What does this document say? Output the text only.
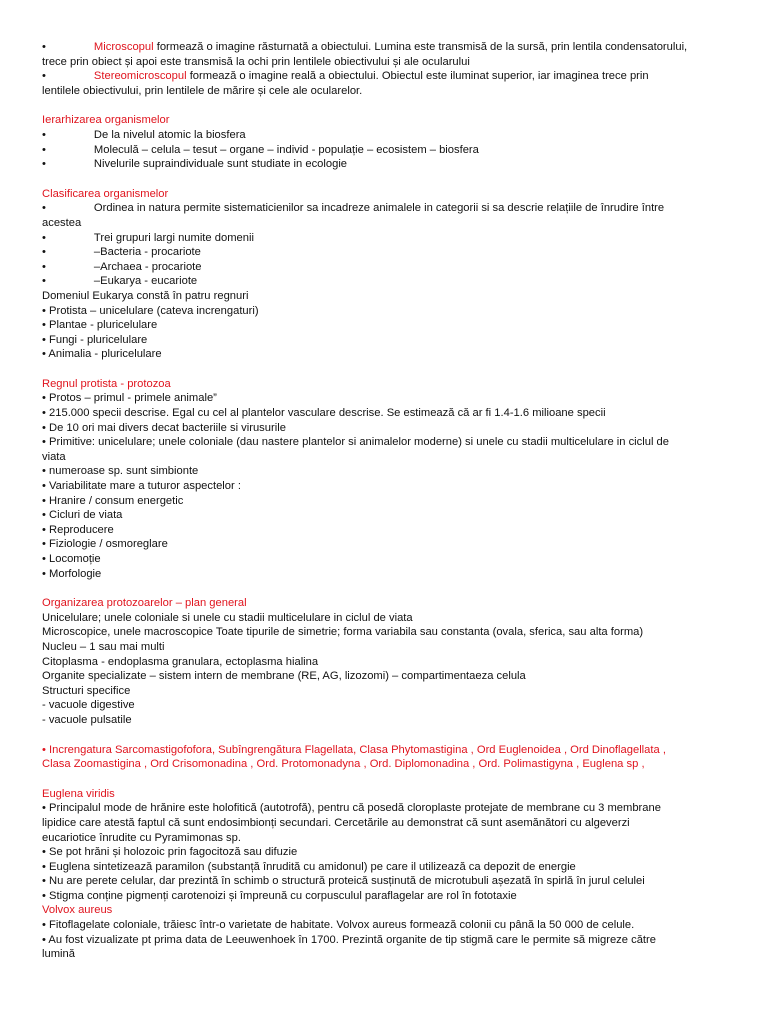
•	Microscopul formează o imagine răsturnată a obiectului. Lumina este transmisă de la sursă, prin lentila condensatorului,

trece prin obiect și apoi este transmisă la ochi prin lentilele obiectivului și ale ocularului

•	Stereomicroscopul formează o imagine reală a obiectului. Obiectul este iluminat superior, iar imaginea trece prin

lentilele obiectivului, prin lentilele de mărire și cele ale ocularelor.

Ierarhizarea organismelor

•	De la nivelul atomic la biosfera
•	Moleculă – celula – tesut – organe – individ - populație – ecosistem – biosfera
•	Nivelurile supraindividuale sunt studiate in ecologie

Clasificarea organismelor

•	Ordinea in natura permite sistematicienilor sa incadreze animalele in categorii si sa descrie relațiile de înrudire între

acestea

•	Trei grupuri largi numite domenii
•	–Bacteria - procariote
•	–Archaea - procariote
•	–Eukarya - eucariote

Domeniul Eukarya constă în patru regnuri

• Protista – unicelulare (cateva increngaturi)

• Plantae - pluricelulare

• Fungi - pluricelulare

• Animalia - pluricelulare

Regnul protista - protozoa

• Protos – primul - primele animale”

• 215.000 specii descrise. Egal cu cel al plantelor vasculare descrise. Se estimează că ar fi 1.4-1.6 milioane specii

• De 10 ori mai divers decat bacteriile si virusurile

• Primitive: unicelulare; unele coloniale (dau nastere plantelor si animalelor moderne) si unele cu stadii multicelulare in ciclul de

viata

• numeroase sp. sunt simbionte

• Variabilitate mare a tuturor aspectelor :

• Hranire / consum energetic

• Cicluri de viata

• Reproducere

• Fiziologie / osmoreglare

• Locomoție

• Morfologie

Organizarea protozoarelor – plan general

Unicelulare; unele coloniale si unele cu stadii multicelulare in ciclul de viata

Microscopice, unele macroscopice Toate tipurile de simetrie; forma variabila sau constanta (ovala, sferica, sau alta forma)

Nucleu – 1 sau mai multi

Citoplasma - endoplasma granulara, ectoplasma hialina

Organite specializate – sistem intern de membrane (RE, AG, lizozomi) – compartimentaeza celula

Structuri specifice

- vacuole digestive

- vacuole pulsatile

• Increngatura Sarcomastigofofora, Subîngrengătura Flagellata, Clasa Phytomastigina , Ord Euglenoidea , Ord Dinoflagellata ,

Clasa Zoomastigina , Ord Crisomonadina , Ord. Protomonadyna , Ord. Diplomonadina , Ord. Polimastigyna , Euglena sp ,

Euglena viridis

• Principalul mode de hrănire este holofitică (autotrofă), pentru că posedă cloroplaste protejate de membrane cu 3 membrane

lipidice care atestă faptul că sunt endosimbionți secundari. Cercetările au demonstrat că sunt asemănători cu algeverzi

eucariotice înrudite cu Pyramimonas sp.

• Se pot hrăni și holozoic prin fagocitoză sau difuzie

• Euglena sintetizează paramilon (substanță înrudită cu amidonul) pe care il utilizează ca depozit de energie

• Nu are perete celular, dar prezintă în schimb o structură proteică susținută de microtubuli așezată în spirlă în jurul celulei

• Stigma conține pigmenți carotenoizi și împreună cu corpusculul paraflagelar are rol în fototaxie

Volvox aureus

• Fitoflagelate coloniale, trăiesc într-o varietate de habitate. Volvox aureus formează colonii cu până la 50 000 de celule.

• Au fost vizualizate pt prima data de Leeuwenhoek în 1700. Prezintă organite de tip stigmă care le permite să migreze către

lumină
